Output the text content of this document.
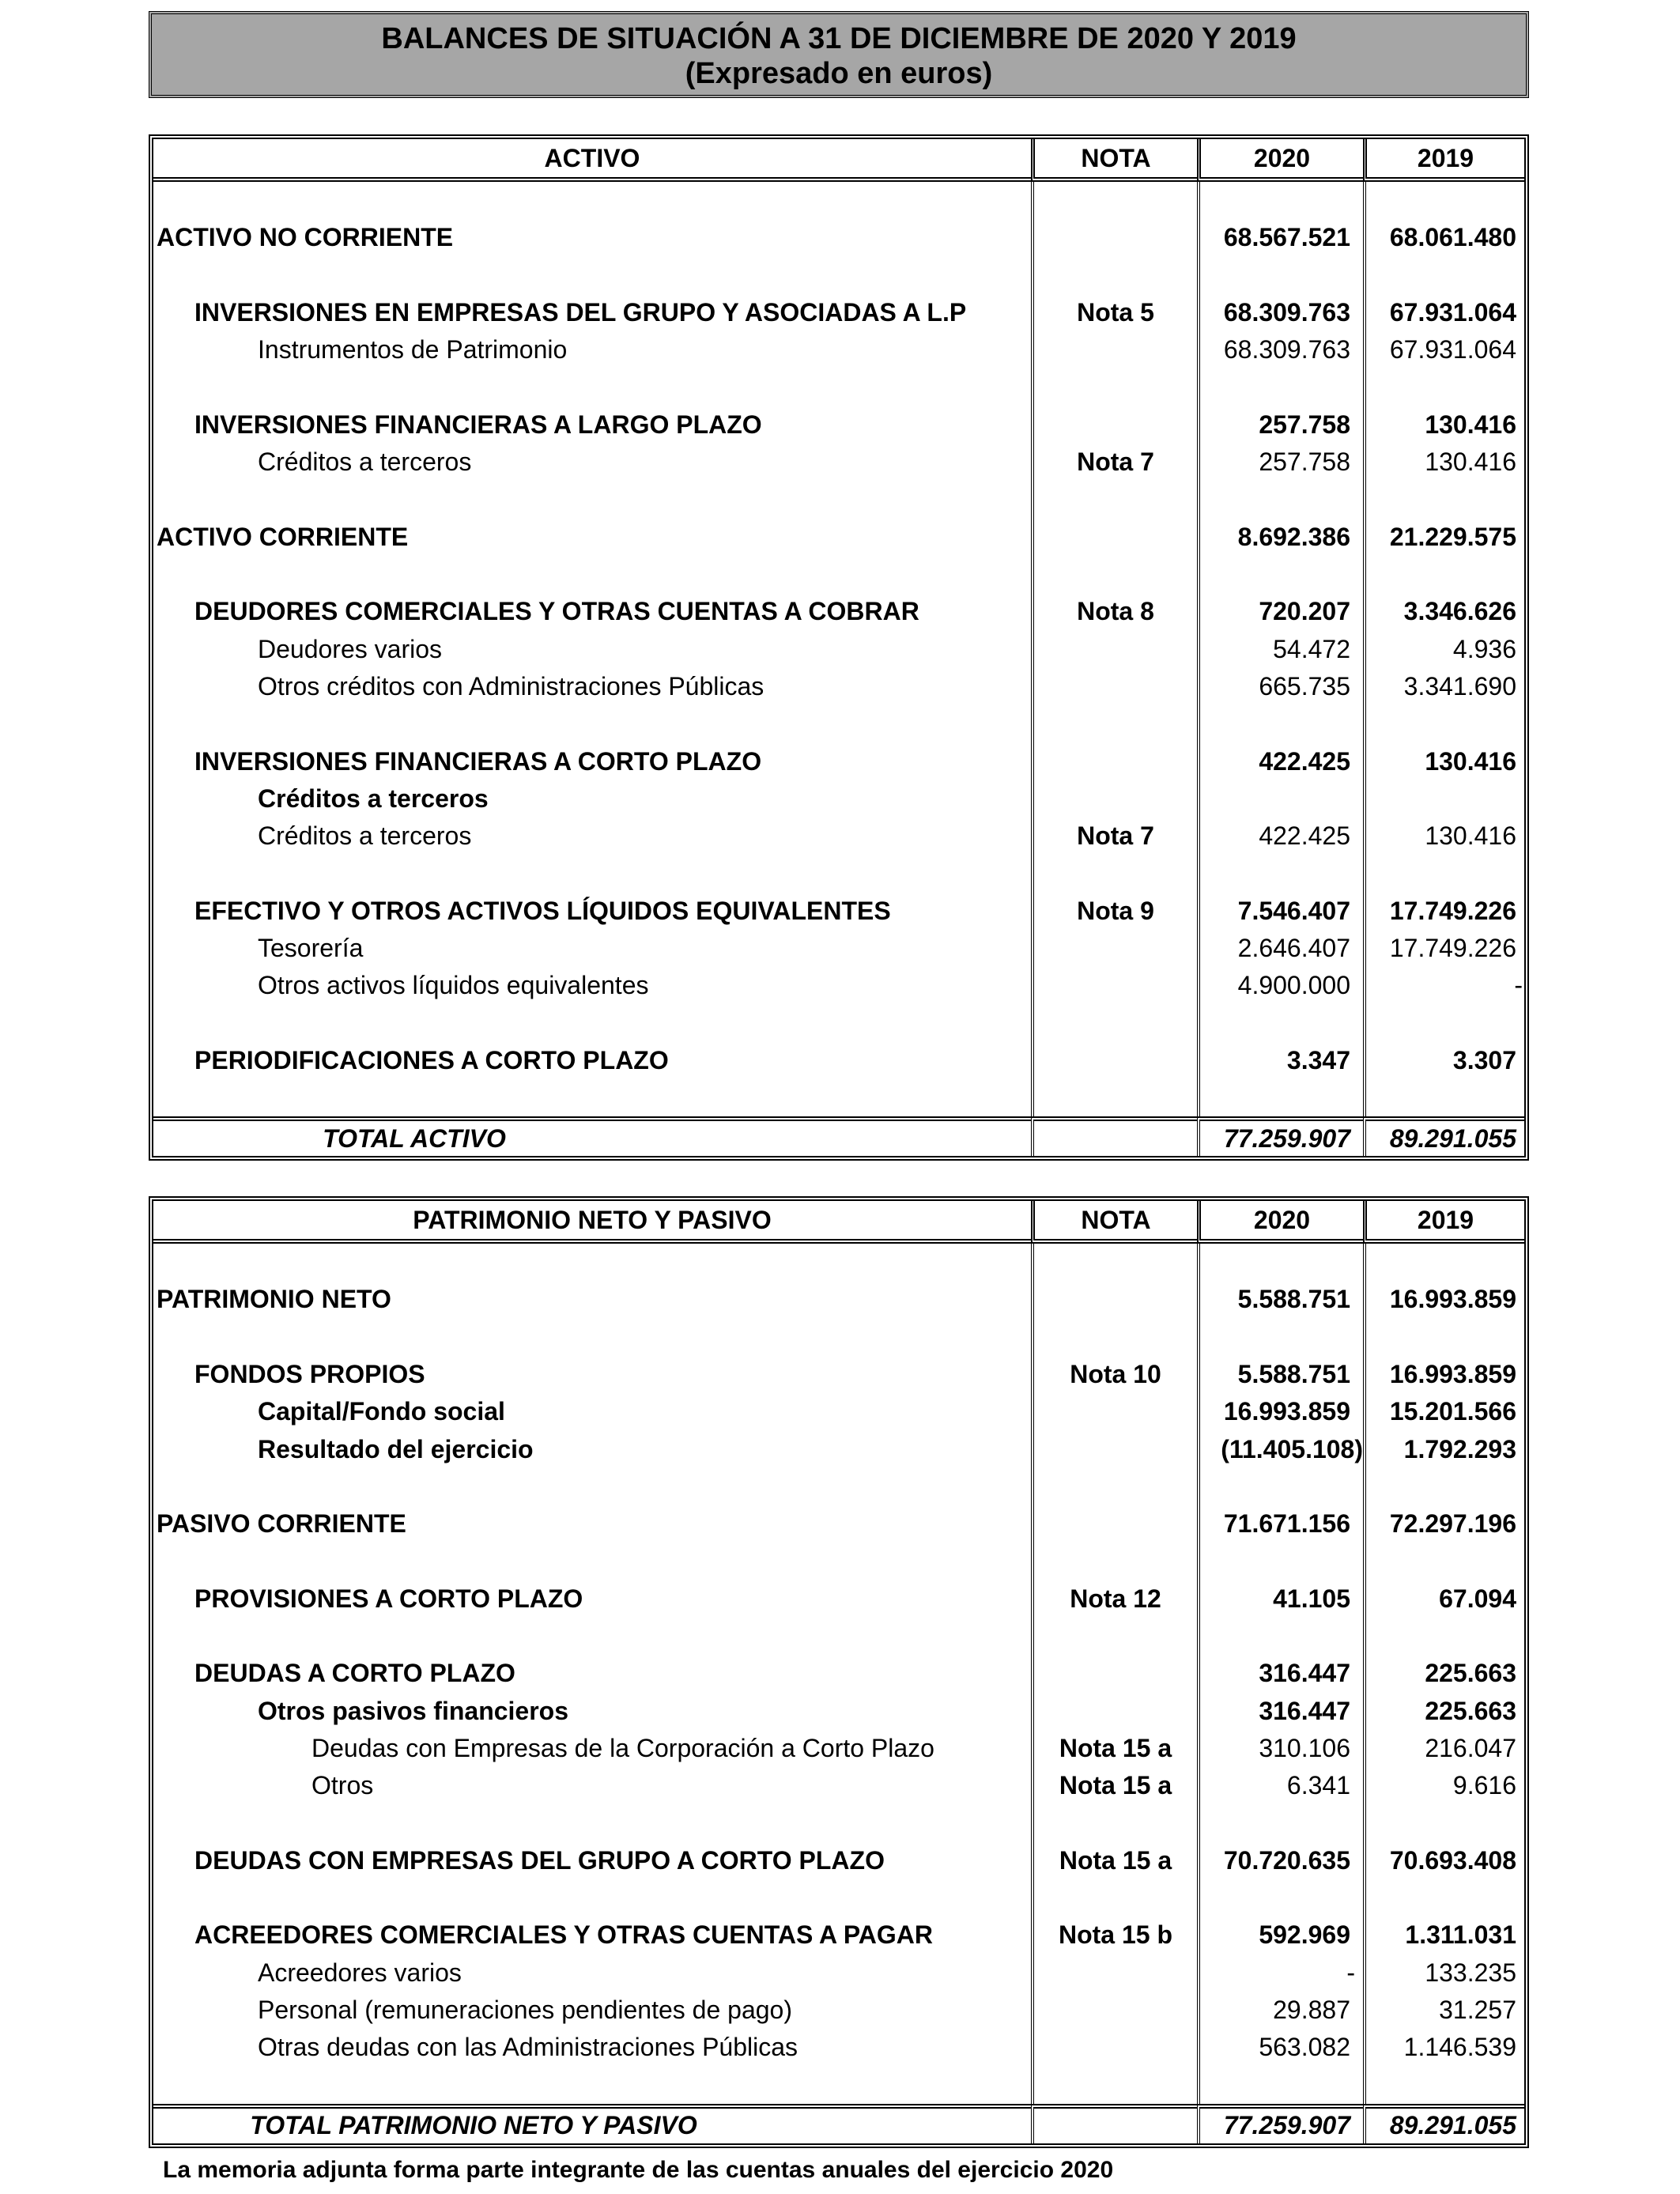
BALANCES DE SITUACIÓN A 31 DE DICIEMBRE DE 2020 Y 2019
(Expresado en euros)
ACTIVO	NOTA	2020	2019

ACTIVO NO CORRIENTE		68.567.521	68.061.480

INVERSIONES EN EMPRESAS DEL GRUPO Y ASOCIADAS A L.P	Nota 5	68.309.763	67.931.064
Instrumentos de Patrimonio		68.309.763	67.931.064

INVERSIONES FINANCIERAS A LARGO PLAZO		257.758	130.416
Créditos a terceros	Nota 7	257.758	130.416

ACTIVO CORRIENTE		8.692.386	21.229.575

DEUDORES COMERCIALES Y OTRAS CUENTAS A COBRAR	Nota 8	720.207	3.346.626
Deudores varios		54.472	4.936
Otros créditos con Administraciones Públicas		665.735	3.341.690

INVERSIONES FINANCIERAS A CORTO PLAZO		422.425	130.416
Créditos a terceros			
Créditos a terceros	Nota 7	422.425	130.416

EFECTIVO Y OTROS ACTIVOS LÍQUIDOS EQUIVALENTES	Nota 9	7.546.407	17.749.226
Tesorería		2.646.407	17.749.226
Otros activos líquidos equivalentes		4.900.000	-

PERIODIFICACIONES A CORTO PLAZO		3.347	3.307

TOTAL ACTIVO		77.259.907	89.291.055
PATRIMONIO NETO Y PASIVO	NOTA	2020	2019

PATRIMONIO NETO		5.588.751	16.993.859

FONDOS PROPIOS	Nota 10	5.588.751	16.993.859
Capital/Fondo social		16.993.859	15.201.566
Resultado del ejercicio		(11.405.108)	1.792.293

PASIVO CORRIENTE		71.671.156	72.297.196

PROVISIONES A CORTO PLAZO	Nota 12	41.105	67.094

DEUDAS A CORTO PLAZO		316.447	225.663
Otros pasivos financieros		316.447	225.663
Deudas con Empresas de la Corporación a Corto Plazo	Nota 15 a	310.106	216.047
Otros	Nota 15 a	6.341	9.616

DEUDAS CON EMPRESAS DEL GRUPO A CORTO PLAZO	Nota 15 a	70.720.635	70.693.408

ACREEDORES COMERCIALES Y OTRAS CUENTAS A PAGAR	Nota 15 b	592.969	1.311.031
Acreedores varios		-	133.235
Personal (remuneraciones pendientes de pago)		29.887	31.257
Otras deudas con las Administraciones Públicas		563.082	1.146.539

TOTAL PATRIMONIO NETO Y PASIVO		77.259.907	89.291.055
La memoria adjunta forma parte integrante de las cuentas anuales del ejercicio 2020
